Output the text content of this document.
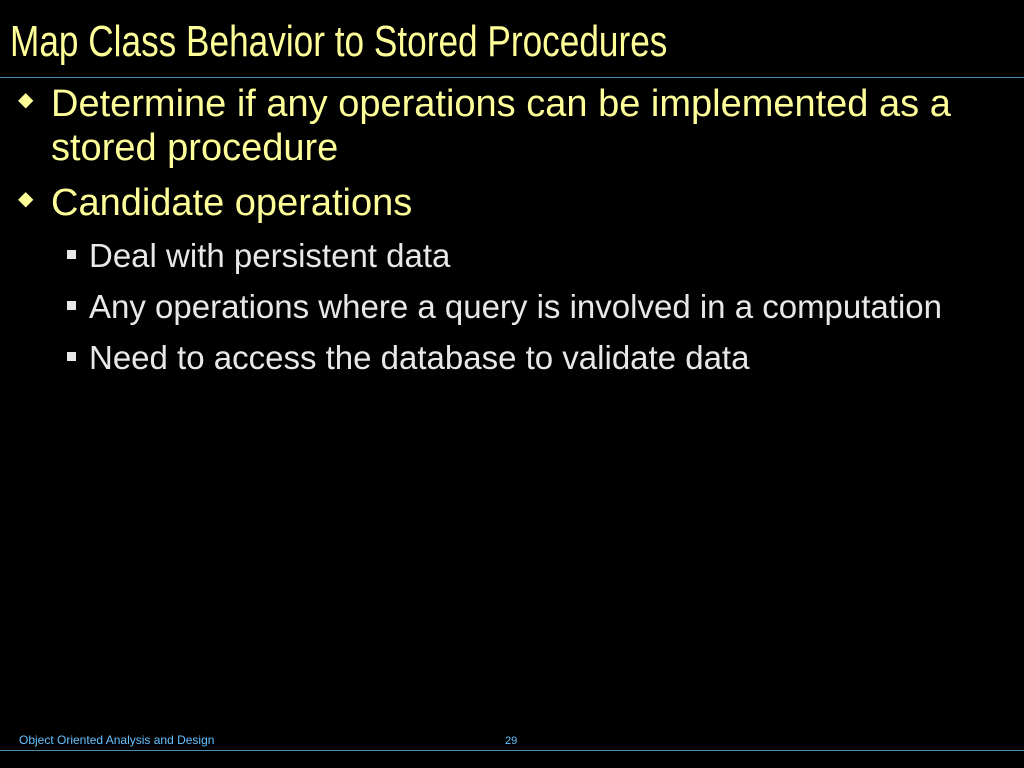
Map Class Behavior to Stored Procedures
◆ Determine if any operations can be implemented as a stored procedure
◆ Candidate operations
Deal with persistent data
Any operations where a query is involved in a computation
Need to access the database to validate data
Object Oriented Analysis and Design	29
